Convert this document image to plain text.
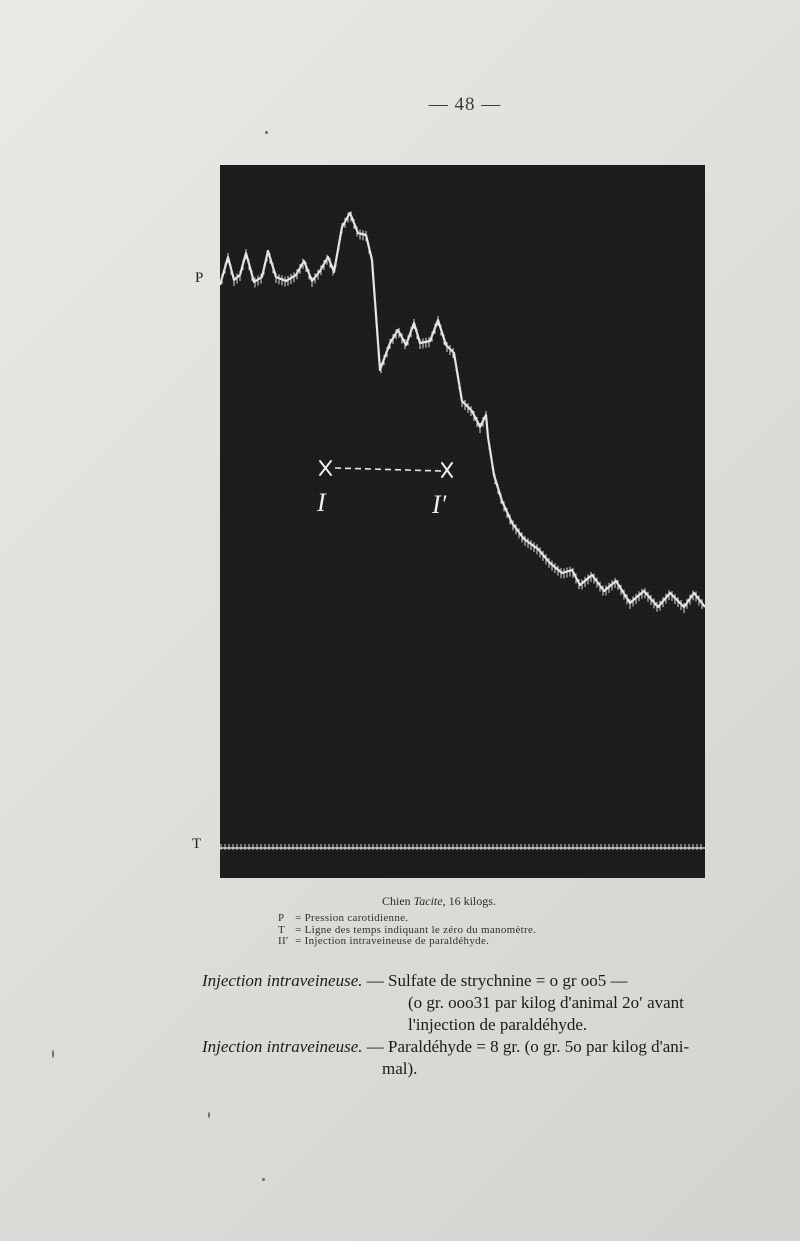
— 48 —
P
T
I	I′
Chien Tacite, 16 kilogs.
P = Pression carotidienne.
T = Ligne des temps indiquant le zéro du manomètre.
II′ = Injection intraveineuse de paraldéhyde.
Injection intraveineuse. — Sulfate de strychnine = o gr oo5 —
(o gr. ooo31 par kilog d'animal 2o′ avant
l'injection de paraldéhyde.
Injection intraveineuse. — Paraldéhyde = 8 gr. (o gr. 5o par kilog d'ani-
mal).
